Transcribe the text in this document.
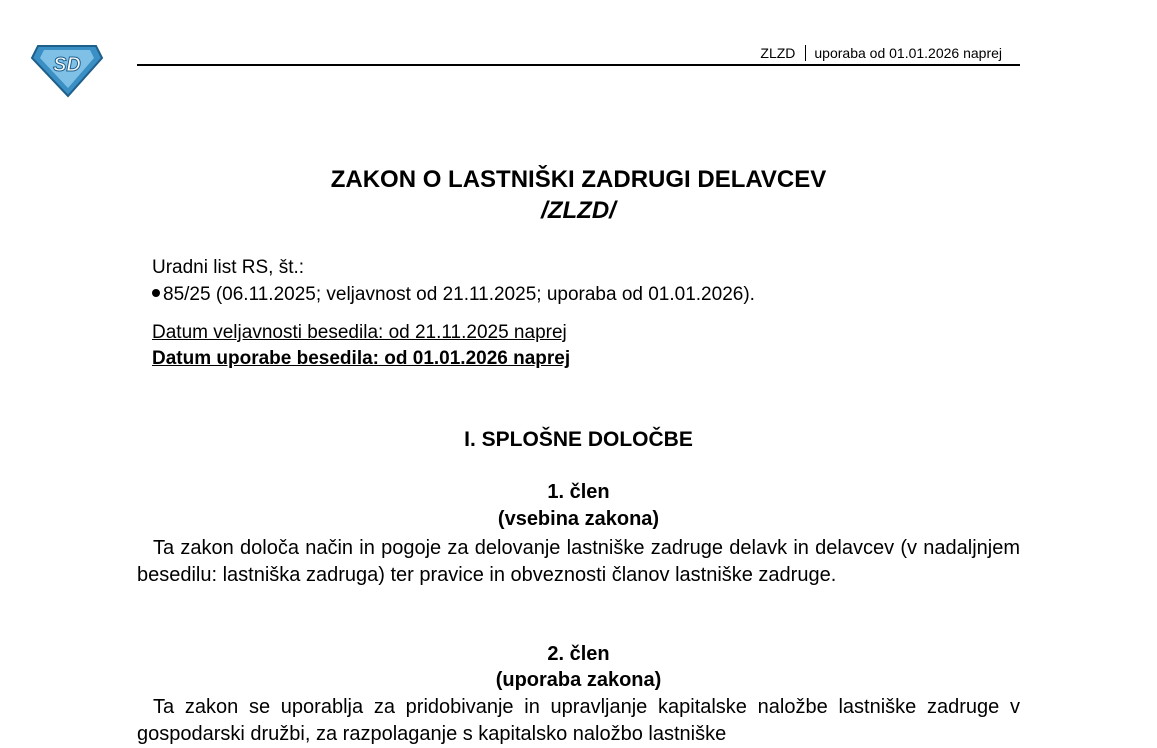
SD
ZLZD uporaba od 01.01.2026 naprej
ZAKON O LASTNIŠKI ZADRUGI DELAVCEV
/ZLZD/
Uradni list RS, št.:
85/25 (06.11.2025; veljavnost od 21.11.2025; uporaba od 01.01.2026).
Datum veljavnosti besedila: od 21.11.2025 naprej
Datum uporabe besedila: od 01.01.2026 naprej
I. SPLOŠNE DOLOČBE
1. člen
(vsebina zakona)
Ta zakon določa način in pogoje za delovanje lastniške zadruge delavk in delavcev (v nadaljnjem besedilu: lastniška zadruga) ter pravice in obveznosti članov lastniške zadruge.
2. člen
(uporaba zakona)
Ta zakon se uporablja za pridobivanje in upravljanje kapitalske naložbe lastniške zadruge v gospodarski družbi, za razpolaganje s kapitalsko naložbo lastniške
